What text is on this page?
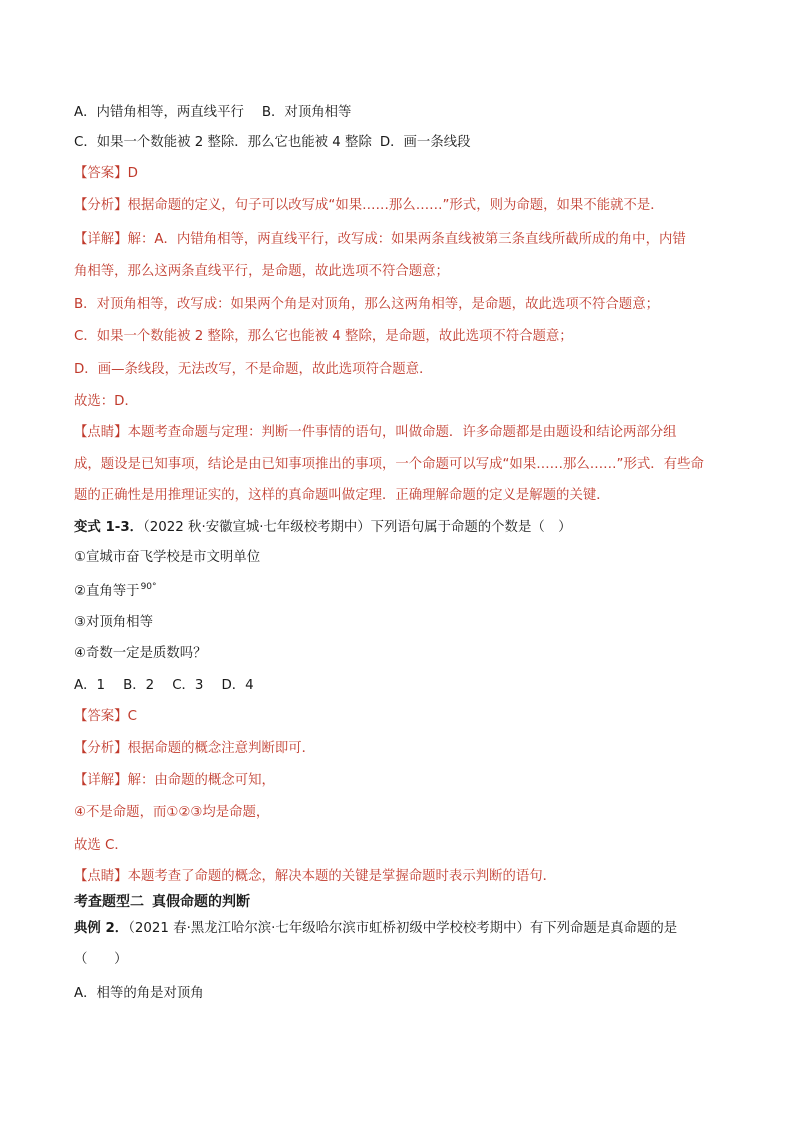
A．内错角相等，两直线平行 B．对顶角相等
C．如果一个数能被 2 整除．那么它也能被 4 整除 D．画一条线段
【答案】D
【分析】根据命题的定义，句子可以改写成“如果……那么……”形式，则为命题，如果不能就不是．
【详解】解：A．内错角相等，两直线平行，改写成：如果两条直线被第三条直线所截所成的角中，内错
角相等，那么这两条直线平行，是命题，故此选项不符合题意；
B．对顶角相等，改写成：如果两个角是对顶角，那么这两角相等，是命题，故此选项不符合题意；
C．如果一个数能被 2 整除，那么它也能被 4 整除，是命题，故此选项不符合题意；
D．画—条线段，无法改写，不是命题，故此选项符合题意．
故选：D．
【点睛】本题考查命题与定理：判断一件事情的语句，叫做命题．许多命题都是由题设和结论两部分组
成，题设是已知事项，结论是由已知事项推出的事项，一个命题可以写成“如果……那么……”形式．有些命
题的正确性是用推理证实的，这样的真命题叫做定理．正确理解命题的定义是解题的关键．
变式 1-3．（2022 秋·安徽宣城·七年级校考期中）下列语句属于命题的个数是（　）
①宣城市奋飞学校是市文明单位
②直角等于$^{90^\circ}$
③对顶角相等
④奇数一定是质数吗？
A．1 B．2 C．3 D．4
【答案】C
【分析】根据命题的概念注意判断即可．
【详解】解：由命题的概念可知，
④不是命题，而①②③均是命题，
故选 C．
【点睛】本题考查了命题的概念，解决本题的关键是掌握命题时表示判断的语句．
考查题型二 真假命题的判断
典例 2．（2021 春·黑龙江哈尔滨·七年级哈尔滨市虹桥初级中学校校考期中）有下列命题是真命题的是
（　　）
A．相等的角是对顶角
